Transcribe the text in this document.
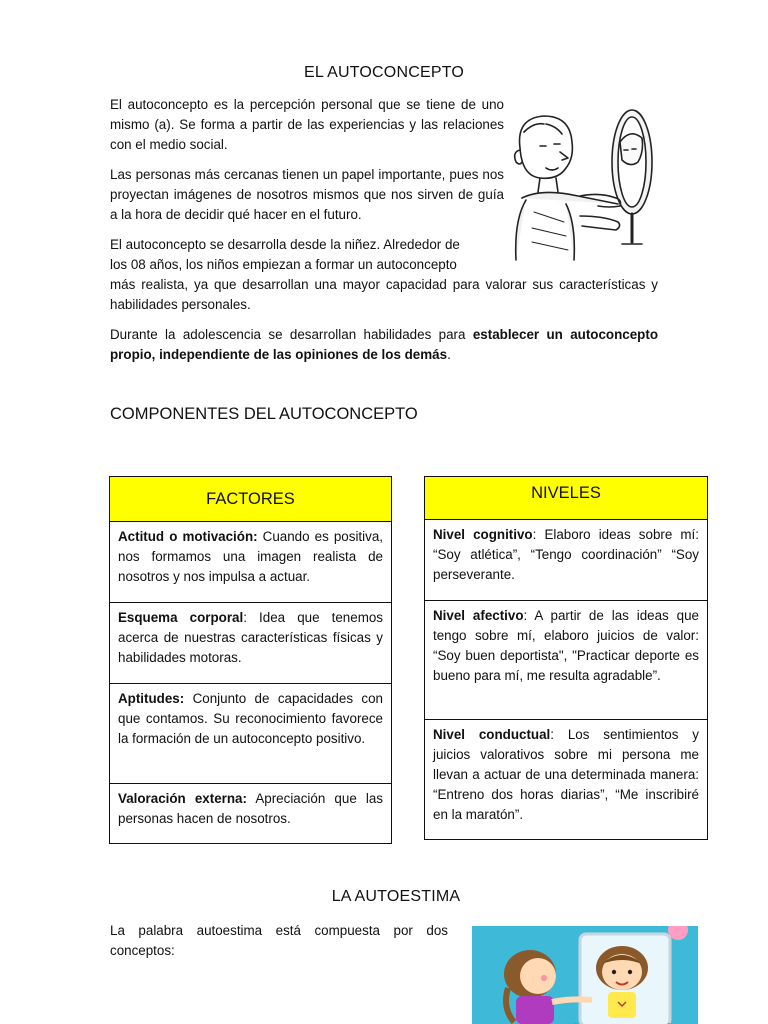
EL AUTOCONCEPTO

El autoconcepto es la percepción personal que se tiene de uno mismo (a). Se forma a partir de las experiencias y las relaciones con el medio social.

Las personas más cercanas tienen un papel importante, pues nos proyectan imágenes de nosotros mismos que nos sirven de guía a la hora de decidir qué hacer en el futuro.

El autoconcepto se desarrolla desde la niñez. Alrededor de
los 08 años, los niños empiezan a formar un autoconcepto

más realista, ya que desarrollan una mayor capacidad para valorar sus características y habilidades personales.

Durante la adolescencia se desarrollan habilidades para establecer un autoconcepto propio, independiente de las opiniones de los demás.

COMPONENTES DEL AUTOCONCEPTO
FACTORES
Actitud o motivación: Cuando es positiva, nos formamos una imagen realista de nosotros y nos impulsa a actuar.
Esquema corporal: Idea que tenemos acerca de nuestras características físicas y habilidades motoras.
Aptitudes: Conjunto de capacidades con que contamos. Su reconocimiento favorece la formación de un autoconcepto positivo.
Valoración externa: Apreciación que las personas hacen de nosotros.
NIVELES
Nivel cognitivo: Elaboro ideas sobre mí: “Soy atlética”, “Tengo coordinación” “Soy perseverante.
Nivel afectivo: A partir de las ideas que tengo sobre mí, elaboro juicios de valor: “Soy buen deportista", "Practicar deporte es bueno para mí, me resulta agradable”.
Nivel conductual: Los sentimientos y juicios valorativos sobre mi persona me llevan a actuar de una determinada manera: “Entreno dos horas diarias”, “Me inscribiré en la maratón”.
LA AUTOESTIMA

La palabra autoestima está compuesta por dos conceptos:
